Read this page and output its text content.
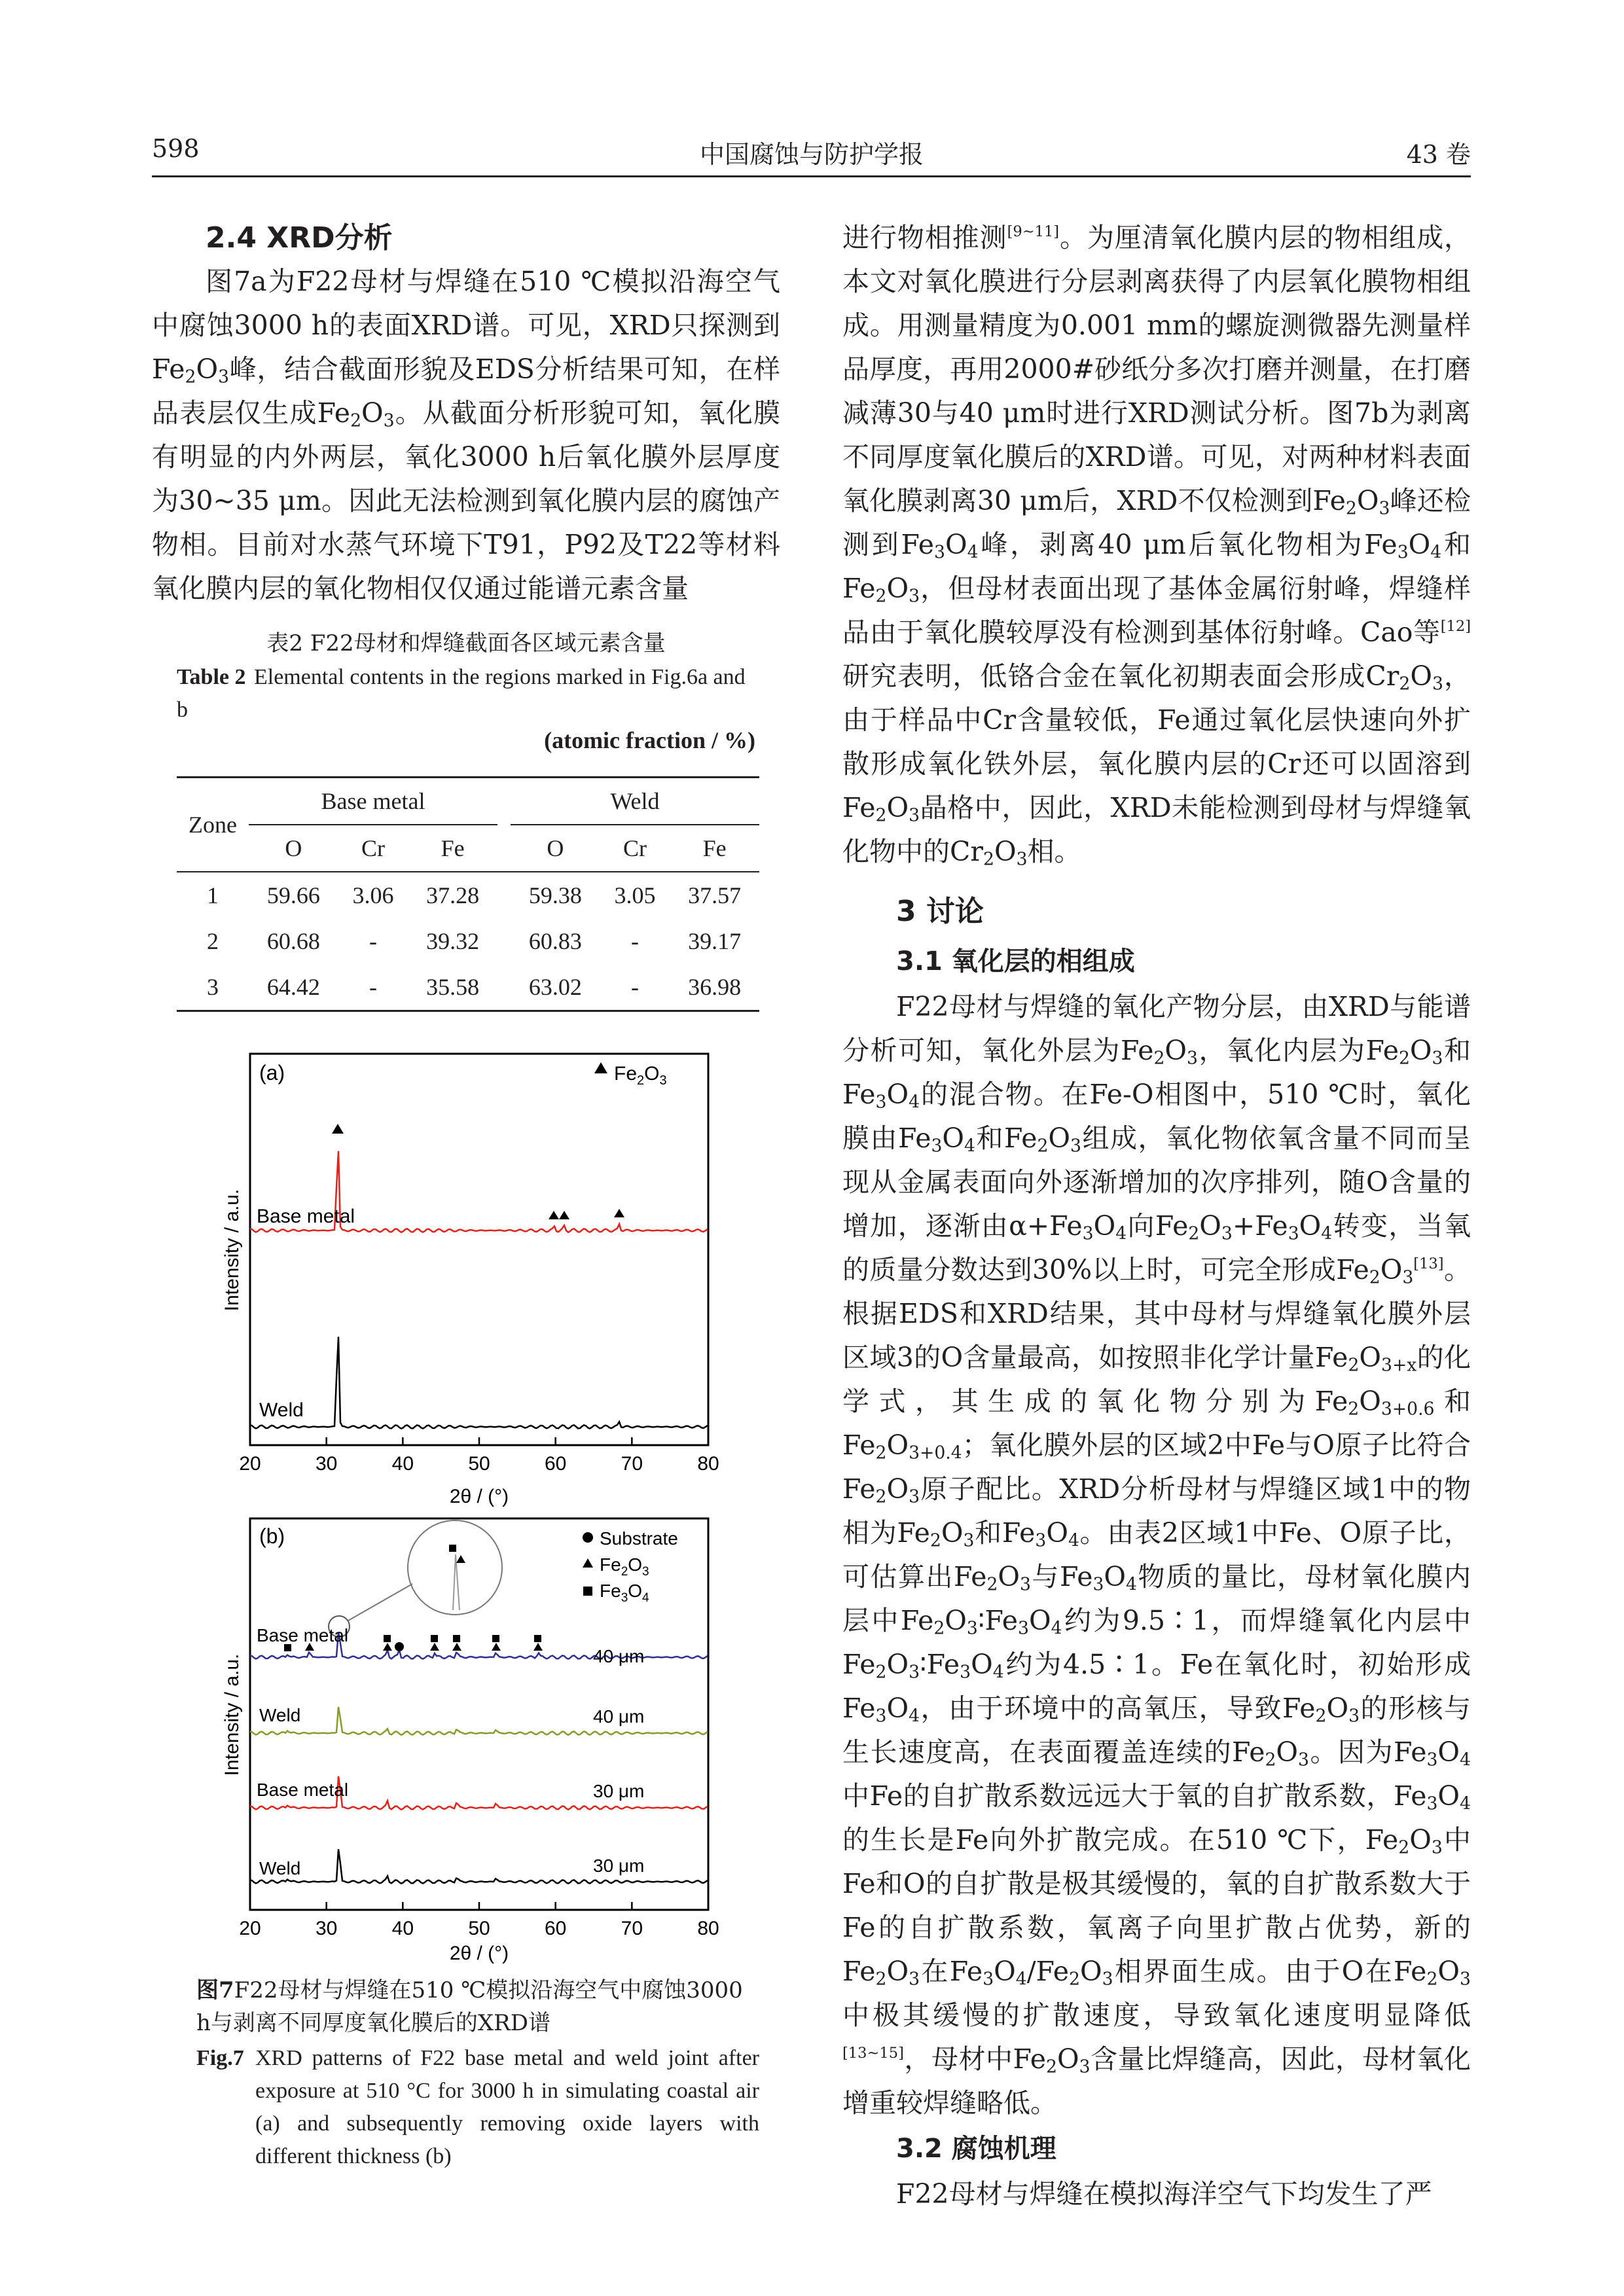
598	中国腐蚀与防护学报	43 卷

2.4 XRD分析

图7a为F22母材与焊缝在510 ℃模拟沿海空气中腐蚀3000 h的表面XRD谱。可见，XRD只探测到$Fe_2O_3$峰，结合截面形貌及EDS分析结果可知，在样品表层仅生成$Fe_2O_3$。从截面分析形貌可知，氧化膜有明显的内外两层，氧化3000 h后氧化膜外层厚度为30~35 μm。因此无法检测到氧化膜内层的腐蚀产物相。目前对水蒸气环境下T91，P92及T22等材料氧化膜内层的氧化物相仅仅通过能谱元素含量

表2 F22母材和焊缝截面各区域元素含量
Table 2 Elemental contents in the regions marked in Fig.6a and b
(atomic fraction / %)
Zone	Base metal				Weld		
	O	Cr	Fe		O	Cr	Fe
1	59.66	3.06	37.28		59.38	3.05	37.57
2	60.68	-	39.32		60.83	-	39.17
3	64.42	-	35.58		63.02	-	36.98
20	30	40	50	60	70	80
(a)	$Fe_2O_3$
Base metal
Weld
Intensity / a.u.
2θ / (°)
20	30	40	50	60	70	80
(b)	Substrate
$Fe_2O_3$
$Fe_3O_4$
Base metal
40 μm
Weld	40 μm
Base metal	30 μm
Weld	30 μm
Intensity / a.u.
2θ / (°)
图7F22母材与焊缝在510 ℃模拟沿海空气中腐蚀3000 h与剥离不同厚度氧化膜后的XRD谱
Fig.7 XRD patterns of F22 base metal and weld joint after exposure at 510 °C for 3000 h in simulating coastal air (a) and subsequently removing oxide layers with different thickness (b)

进行物相推测[9~11]。为厘清氧化膜内层的物相组成，本文对氧化膜进行分层剥离获得了内层氧化膜物相组成。用测量精度为0.001 mm的螺旋测微器先测量样品厚度，再用2000#砂纸分多次打磨并测量，在打磨减薄30与40 μm时进行XRD测试分析。图7b为剥离不同厚度氧化膜后的XRD谱。可见，对两种材料表面氧化膜剥离30 μm后，XRD不仅检测到$Fe_2O_3$峰还检测到$Fe_3O_4$峰，剥离40 μm后氧化物相为$Fe_3O_4$和$Fe_2O_3$，但母材表面出现了基体金属衍射峰，焊缝样品由于氧化膜较厚没有检测到基体衍射峰。Cao等[12]研究表明，低铬合金在氧化初期表面会形成$Cr_2O_3$，由于样品中Cr含量较低，Fe通过氧化层快速向外扩散形成氧化铁外层，氧化膜内层的Cr还可以固溶到$Fe_2O_3$晶格中，因此，XRD未能检测到母材与焊缝氧化物中的$Cr_2O_3$相。

3 讨论

3.1 氧化层的相组成

F22母材与焊缝的氧化产物分层，由XRD与能谱分析可知，氧化外层为$Fe_2O_3$，氧化内层为$Fe_2O_3$和$Fe_3O_4$的混合物。在Fe-O相图中，510 ℃时，氧化膜由$Fe_3O_4$和$Fe_2O_3$组成，氧化物依氧含量不同而呈现从金属表面向外逐渐增加的次序排列，随O含量的增加，逐渐由$\alpha+Fe_3O_4$向$Fe_2O_3+Fe_3O_4$转变，当氧的质量分数达到30%以上时，可完全形成$Fe_2O_3[13]$。根据EDS和XRD结果，其中母材与焊缝氧化膜外层区域3的O含量最高，如按照非化学计量$Fe_2O_{3+x}$的化学式，其生成的氧化物分别为$Fe_2O_{3+0.6}$和$Fe_2O_{3+0.4}$；氧化膜外层的区域2中Fe与O原子比符合$Fe_2O_3$原子配比。XRD分析母材与焊缝区域1中的物相为$Fe_2O_3$和$Fe_3O_4$。由表2区域1中Fe、O原子比，可估算出$Fe_2O_3$与$Fe_3O_4$物质的量比，母材氧化膜内层中$Fe_2O_3∶Fe_3O_4$约为9.5∶1，而焊缝氧化内层中$Fe_2O_3∶Fe_3O_4$约为4.5∶1。Fe在氧化时，初始形成$Fe_3O_4$，由于环境中的高氧压，导致$Fe_2O_3$的形核与生长速度高，在表面覆盖连续的$Fe_2O_3$。因为$Fe_3O_4$中Fe的自扩散系数远远大于氧的自扩散系数，$Fe_3O_4$的生长是Fe向外扩散完成。在510 ℃下，$Fe_2O_3$中Fe和O的自扩散是极其缓慢的，氧的自扩散系数大于Fe的自扩散系数，氧离子向里扩散占优势，新的$Fe_2O_3$在$Fe_3O_4/Fe_2O_3$相界面生成。由于O在$Fe_2O_3$中极其缓慢的扩散速度，导致氧化速度明显降低[13~15]，母材中$Fe_2O_3$含量比焊缝高，因此，母材氧化增重较焊缝略低。

3.2 腐蚀机理

F22母材与焊缝在模拟海洋空气下均发生了严
